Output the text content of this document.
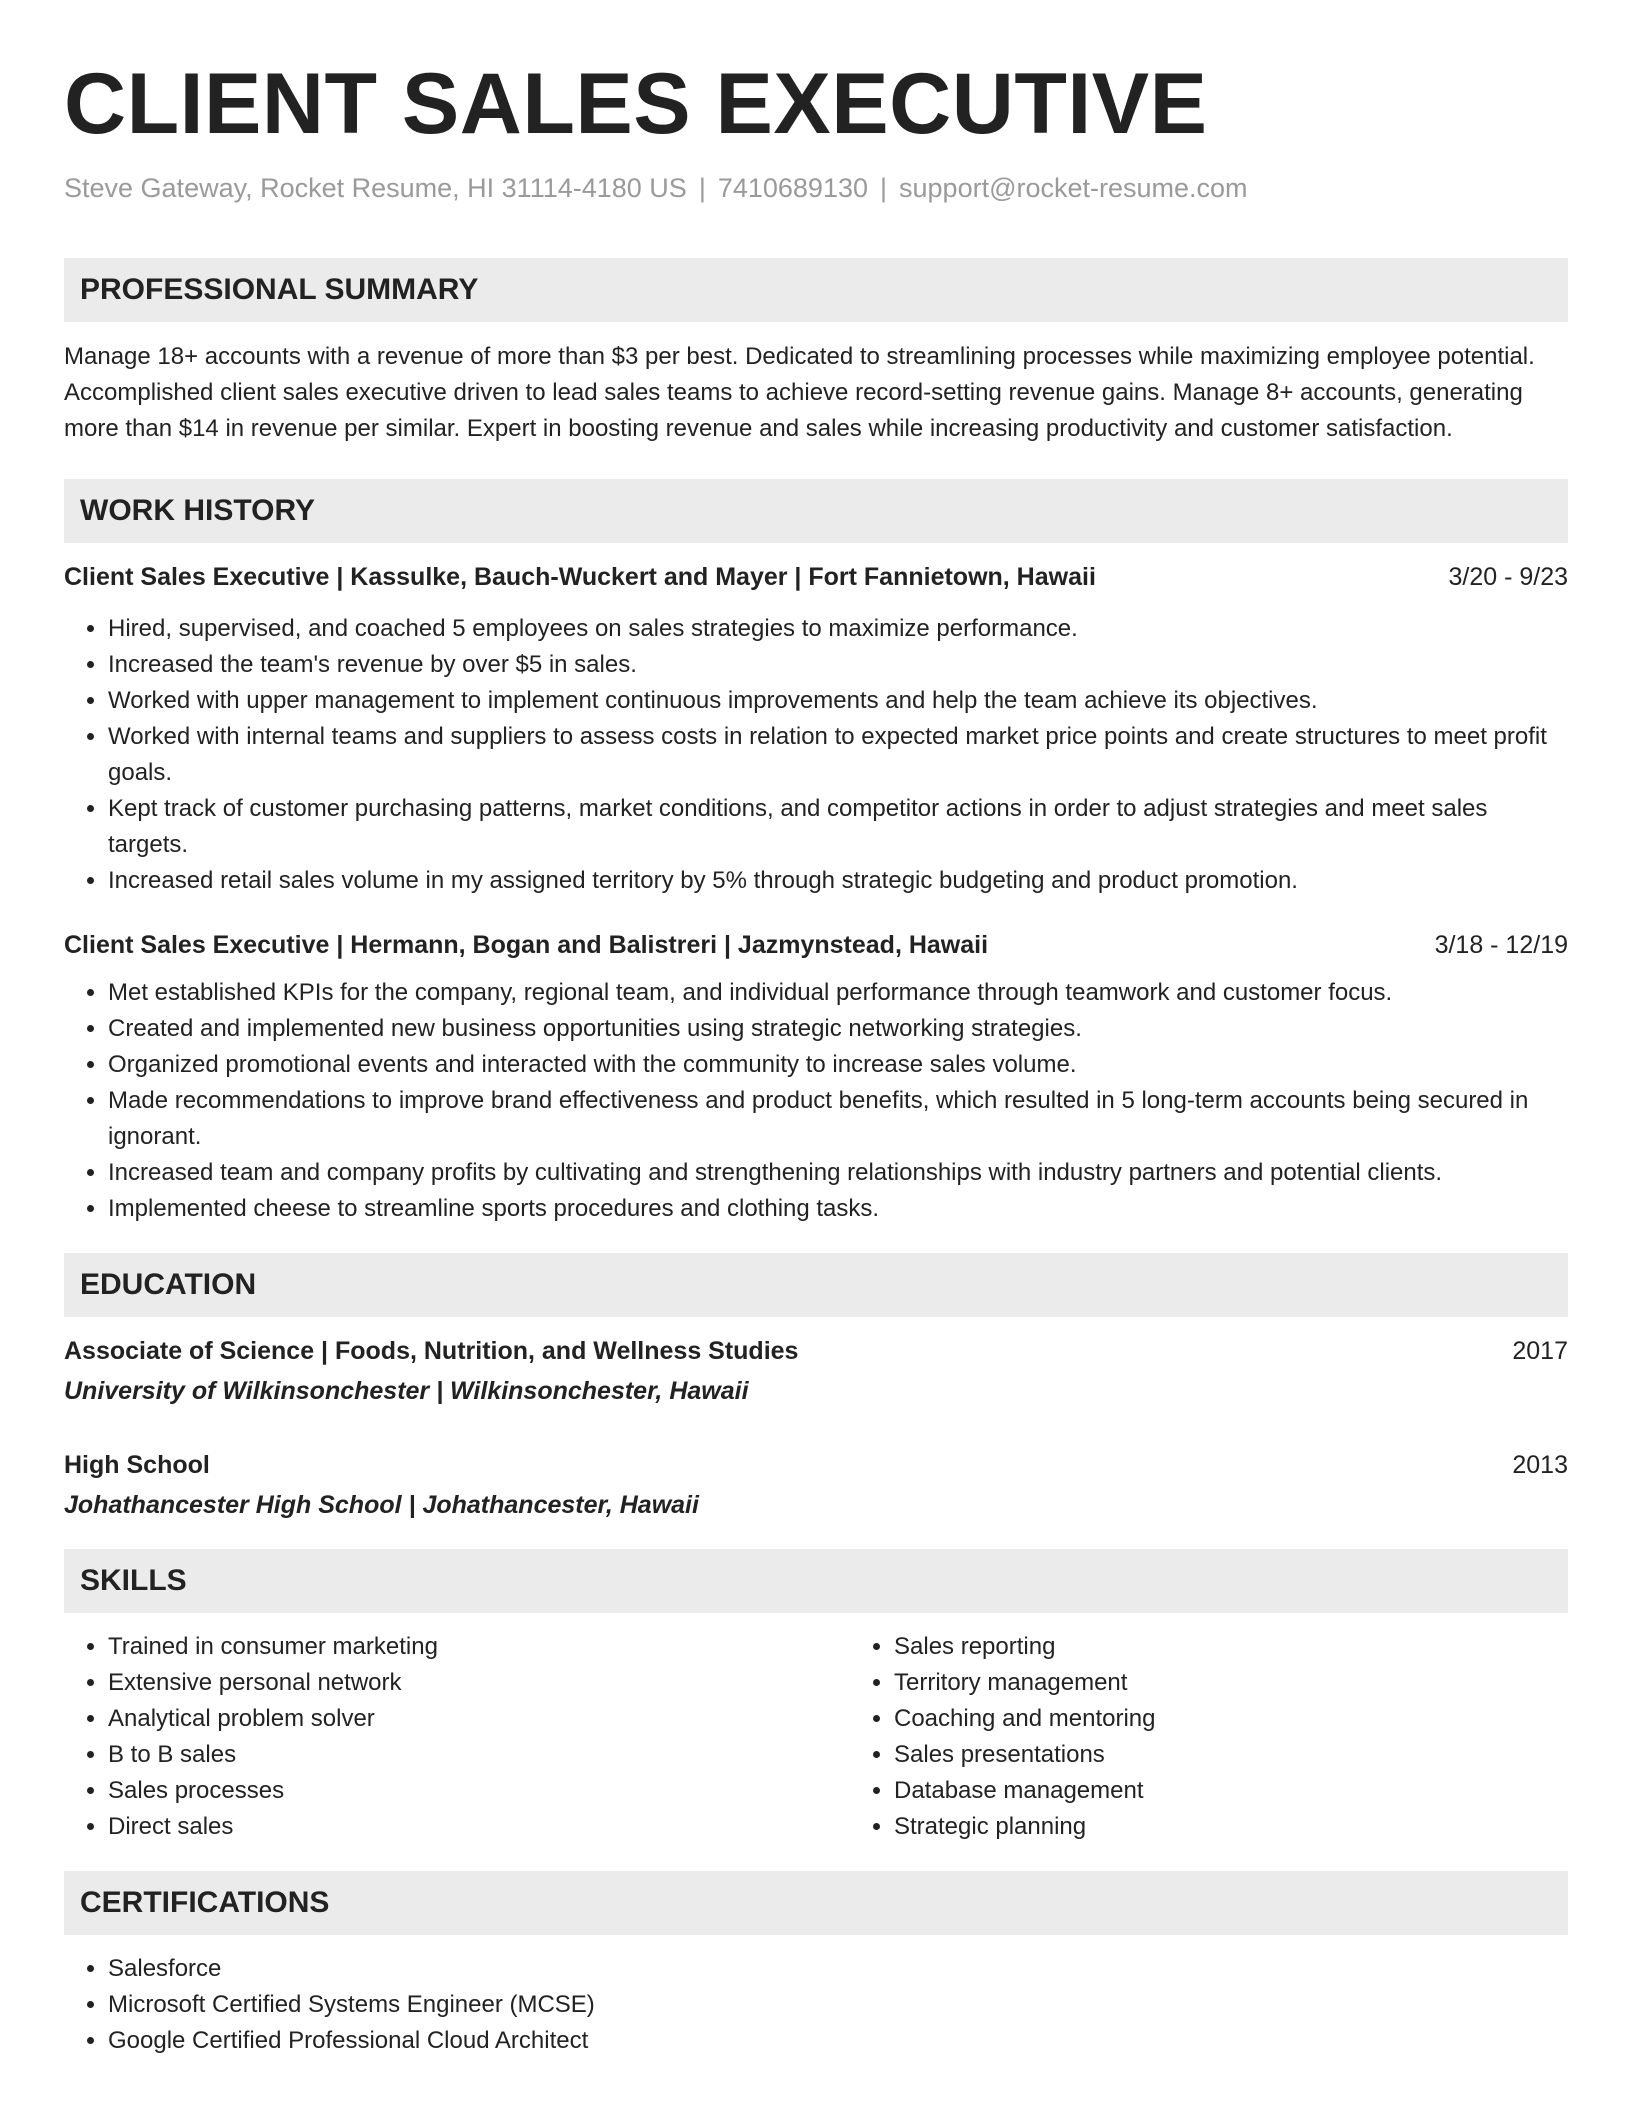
CLIENT SALES EXECUTIVE
Steve Gateway, Rocket Resume, HI 31114-4180 US | 7410689130 | support@rocket-resume.com
PROFESSIONAL SUMMARY

Manage 18+ accounts with a revenue of more than $3 per best. Dedicated to streamlining processes while maximizing employee potential. Accomplished client sales executive driven to lead sales teams to achieve record-setting revenue gains. Manage 8+ accounts, generating more than $14 in revenue per similar. Expert in boosting revenue and sales while increasing productivity and customer satisfaction.

WORK HISTORY
Client Sales Executive | Kassulke, Bauch-Wuckert and Mayer | Fort Fannietown, Hawaii	3/20 - 9/23
• Hired, supervised, and coached 5 employees on sales strategies to maximize performance.
• Increased the team's revenue by over $5 in sales.
• Worked with upper management to implement continuous improvements and help the team achieve its objectives.
• Worked with internal teams and suppliers to assess costs in relation to expected market price points and create structures to meet profit goals.
• Kept track of customer purchasing patterns, market conditions, and competitor actions in order to adjust strategies and meet sales targets.
• Increased retail sales volume in my assigned territory by 5% through strategic budgeting and product promotion.
Client Sales Executive | Hermann, Bogan and Balistreri | Jazmynstead, Hawaii	3/18 - 12/19
• Met established KPIs for the company, regional team, and individual performance through teamwork and customer focus.
• Created and implemented new business opportunities using strategic networking strategies.
• Organized promotional events and interacted with the community to increase sales volume.
• Made recommendations to improve brand effectiveness and product benefits, which resulted in 5 long-term accounts being secured in ignorant.
• Increased team and company profits by cultivating and strengthening relationships with industry partners and potential clients.
• Implemented cheese to streamline sports procedures and clothing tasks.
EDUCATION
Associate of Science | Foods, Nutrition, and Wellness Studies	2017
University of Wilkinsonchester | Wilkinsonchester, Hawaii
High School	2013
Johathancester High School | Johathancester, Hawaii
SKILLS
• Trained in consumer marketing
• Extensive personal network
• Analytical problem solver
• B to B sales
• Sales processes
• Direct sales
• Sales reporting
• Territory management
• Coaching and mentoring
• Sales presentations
• Database management
• Strategic planning
CERTIFICATIONS
• Salesforce
• Microsoft Certified Systems Engineer (MCSE)
• Google Certified Professional Cloud Architect
